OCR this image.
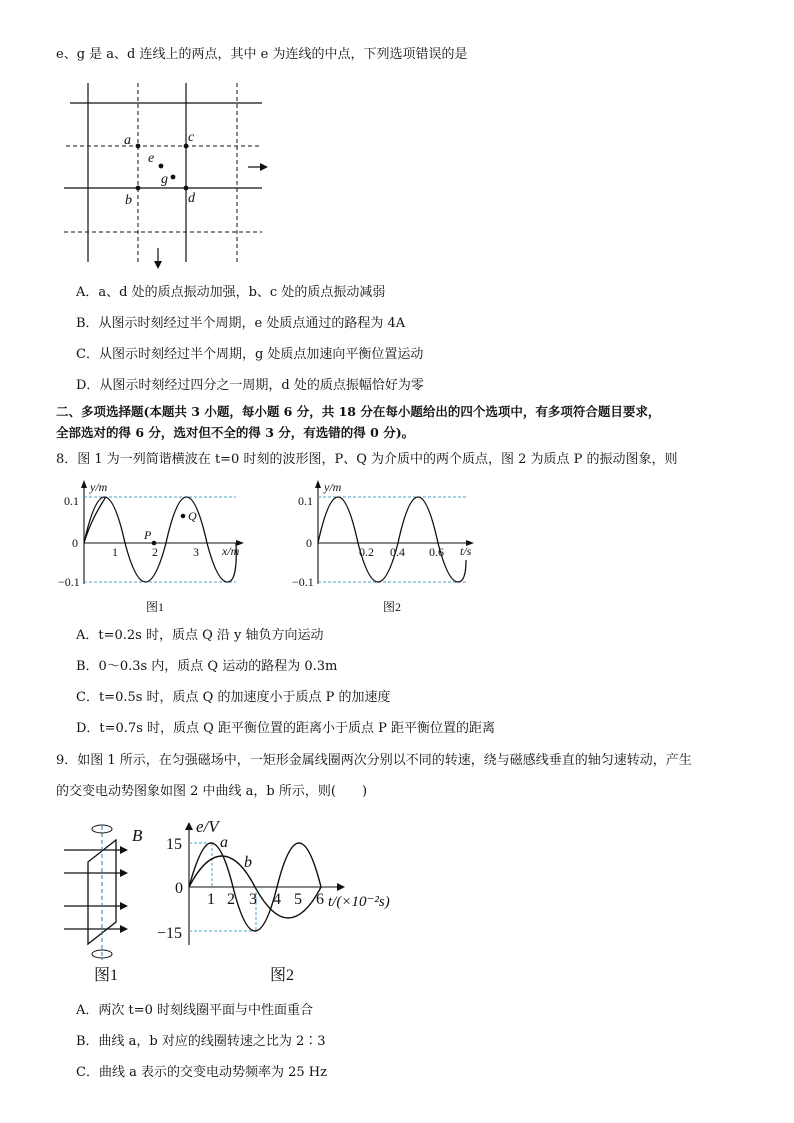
e、g 是 a、d 连线上的两点，其中 e 为连线的中点，下列选项错误的是
a	c
e
g
b	d
A．a、d 处的质点振动加强，b、c 处的质点振动减弱
B．从图示时刻经过半个周期，e 处质点通过的路程为 4A
C．从图示时刻经过半个周期，g 处质点加速向平衡位置运动
D．从图示时刻经过四分之一周期，d 处的质点振幅恰好为零
二、多项选择题(本题共 3 小题，每小题 6 分，共 18 分在每小题给出的四个选项中，有多项符合题目要求，
全部选对的得 6 分，选对但不全的得 3 分，有选错的得 0 分)。
8．图 1 为一列简谐横波在 t=0 时刻的波形图，P、Q 为介质中的两个质点，图 2 为质点 P 的振动图象，则
y/m
0.1
0
−0.1
1	2	3 x/m
P
Q
图1
y/m
0.1
0
−0.1
0.2 0.4 0.6 t/s
图2
A．t=0.2s 时，质点 Q 沿 y 轴负方向运动
B．0～0.3s 内，质点 Q 运动的路程为 0.3m
C．t=0.5s 时，质点 Q 的加速度小于质点 P 的加速度
D．t=0.7s 时，质点 Q 距平衡位置的距离小于质点 P 距平衡位置的距离
9．如图 1 所示，在匀强磁场中，一矩形金属线圈两次分别以不同的转速，绕与磁感线垂直的轴匀速转动，产生
的交变电动势图象如图 2 中曲线 a，b 所示，则(　　)
B
图1
e/V
15
0
−15
1 2 3 4 5 6 t/(×10⁻²s)
a
b
图2
A．两次 t=0 时刻线圈平面与中性面重合
B．曲线 a，b 对应的线圈转速之比为 2∶3
C．曲线 a 表示的交变电动势频率为 25 Hz
